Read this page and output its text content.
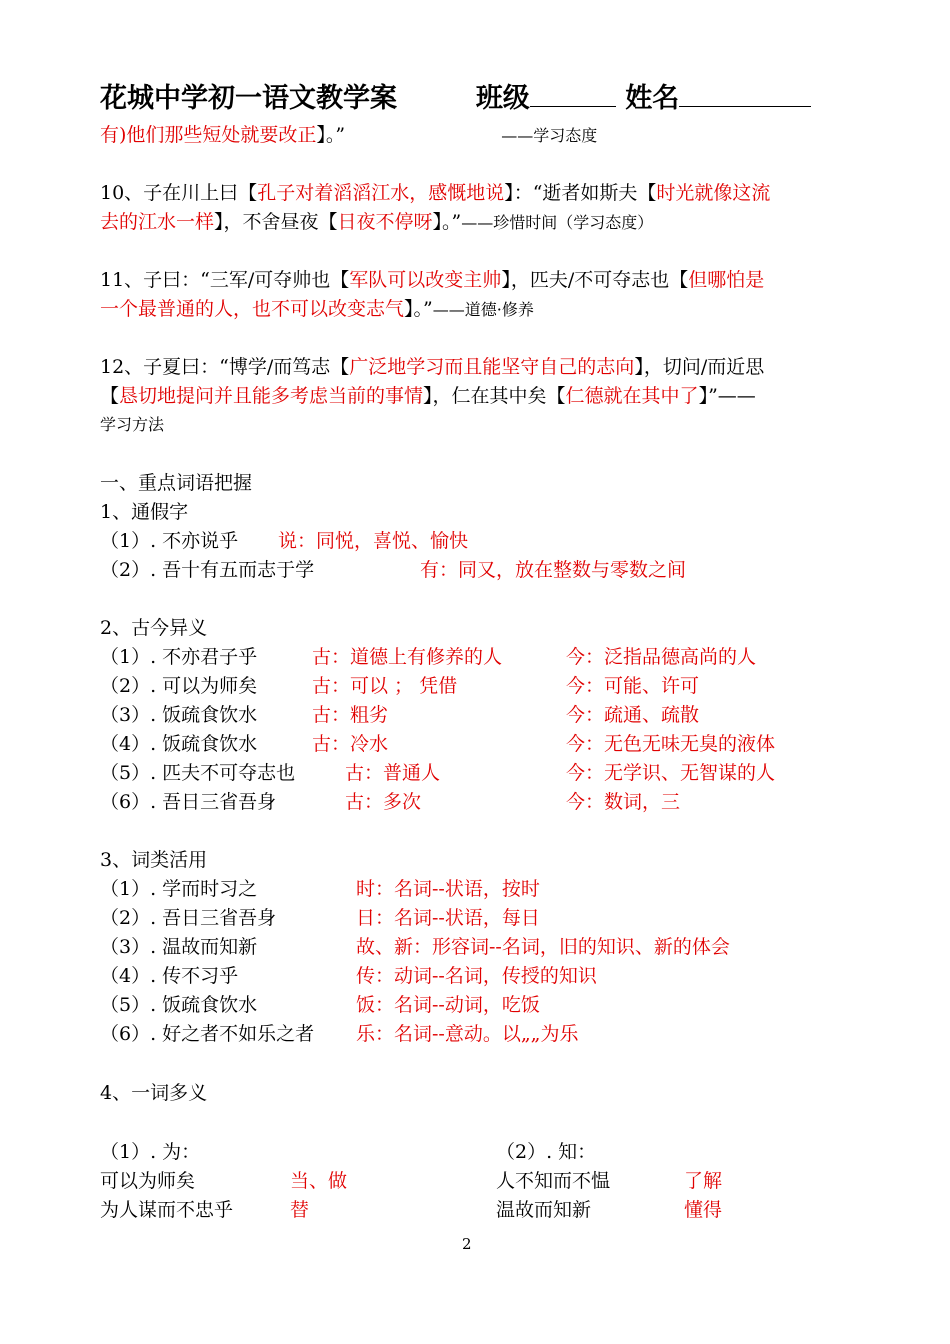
花城中学初一语文教学案	班级	姓名
有)他们那些短处就要改正】。”	——学习态度
10、子在川上曰【孔子对着滔滔江水，感慨地说】：“逝者如斯夫【时光就像这流
去的江水一样】，不舍昼夜【日夜不停呀】。”——珍惜时间（学习态度）
11、子曰：“三军/可夺帅也【军队可以改变主帅】，匹夫/不可夺志也【但哪怕是
一个最普通的人，也不可以改变志气】。”——道德·修养
12、子夏曰：“博学/而笃志【广泛地学习而且能坚守自己的志向】，切问/而近思
【恳切地提问并且能多考虑当前的事情】，仁在其中矣【仁德就在其中了】”——
学习方法
一、重点词语把握
1、通假字
（1）. 不亦说乎 说：同悦，喜悦、愉快
（2）. 吾十有五而志于学	有：同又，放在整数与零数之间
2、古今异义
（1）. 不亦君子乎	古：道德上有修养的人	今：泛指品德高尚的人
（2）. 可以为师矣	古：可以 ； 凭借	今：可能、许可
（3）. 饭疏食饮水	古：粗劣	今：疏通、疏散
（4）. 饭疏食饮水	古：冷水	今：无色无味无臭的液体
（5）. 匹夫不可夺志也	古：普通人	今：无学识、无智谋的人
（6）. 吾日三省吾身	古：多次	今：数词，三
3、词类活用
（1）. 学而时习之	时：名词--状语，按时
（2）. 吾日三省吾身	日：名词--状语，每日
（3）. 温故而知新	故、新：形容词--名词，旧的知识、新的体会
（4）. 传不习乎	传：动词--名词，传授的知识
（5）. 饭疏食饮水	饭：名词--动词，吃饭
（6）. 好之者不如乐之者 乐：名词--意动。以„„为乐
4、一词多义
（1）. 为：	（2）. 知：
可以为师矣	当、做	人不知而不愠	了解
为人谋而不忠乎	替	温故而知新	懂得
2
